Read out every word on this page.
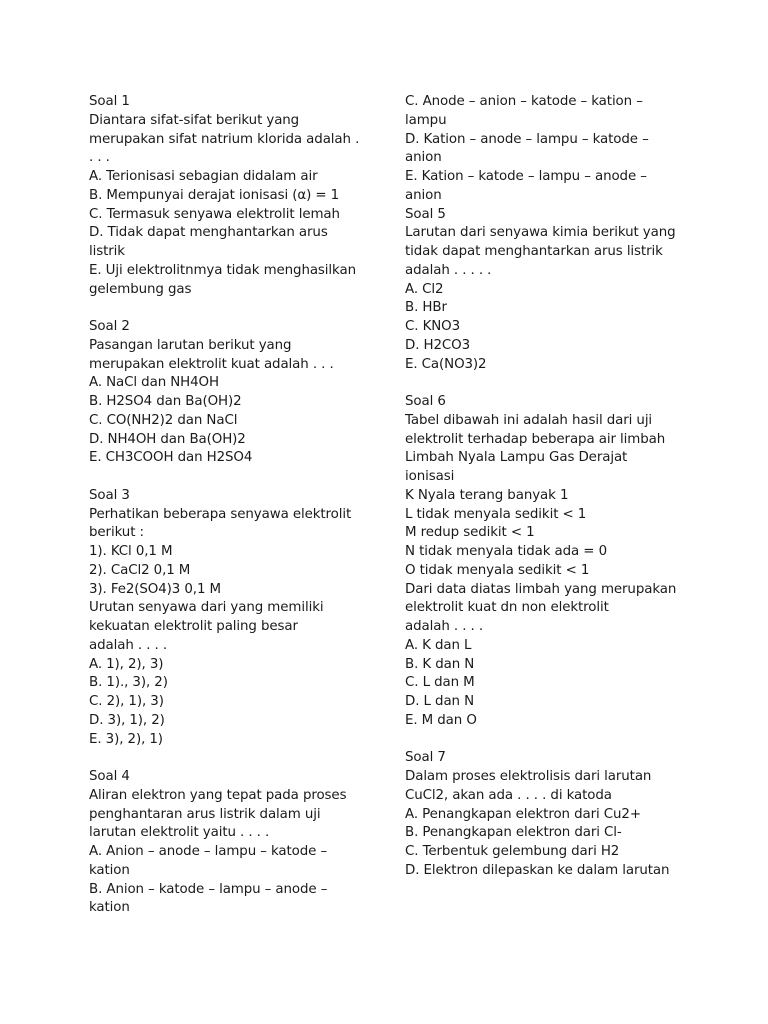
Soal 1
Diantara sifat-sifat berikut yang
merupakan sifat natrium klorida adalah .
. . .
A. Terionisasi sebagian didalam air
B. Mempunyai derajat ionisasi (α) = 1
C. Termasuk senyawa elektrolit lemah
D. Tidak dapat menghantarkan arus
listrik
E. Uji elektrolitnmya tidak menghasilkan
gelembung gas
Soal 2
Pasangan larutan berikut yang
merupakan elektrolit kuat adalah . . .
A. NaCl dan NH4OH
B. H2SO4 dan Ba(OH)2
C. CO(NH2)2 dan NaCl
D. NH4OH dan Ba(OH)2
E. CH3COOH dan H2SO4
Soal 3
Perhatikan beberapa senyawa elektrolit
berikut :
1). KCl 0,1 M
2). CaCl2 0,1 M
3). Fe2(SO4)3 0,1 M
Urutan senyawa dari yang memiliki
kekuatan elektrolit paling besar
adalah . . . .
A. 1), 2), 3)
B. 1)., 3), 2)
C. 2), 1), 3)
D. 3), 1), 2)
E. 3), 2), 1)
Soal 4
Aliran elektron yang tepat pada proses
penghantaran arus listrik dalam uji
larutan elektrolit yaitu . . . .
A. Anion – anode – lampu – katode –
kation
B. Anion – katode – lampu – anode –
kation
C. Anode – anion – katode – kation –
lampu
D. Kation – anode – lampu – katode –
anion
E. Kation – katode – lampu – anode –
anion
Soal 5
Larutan dari senyawa kimia berikut yang
tidak dapat menghantarkan arus listrik
adalah . . . . .
A. Cl2
B. HBr
C. KNO3
D. H2CO3
E. Ca(NO3)2
Soal 6
Tabel dibawah ini adalah hasil dari uji
elektrolit terhadap beberapa air limbah
Limbah Nyala Lampu Gas Derajat
ionisasi
K Nyala terang banyak 1
L tidak menyala sedikit < 1
M redup sedikit < 1
N tidak menyala tidak ada = 0
O tidak menyala sedikit < 1
Dari data diatas limbah yang merupakan
elektrolit kuat dn non elektrolit
adalah . . . .
A. K dan L
B. K dan N
C. L dan M
D. L dan N
E. M dan O
Soal 7
Dalam proses elektrolisis dari larutan
CuCl2, akan ada . . . . di katoda
A. Penangkapan elektron dari Cu2+
B. Penangkapan elektron dari Cl-
C. Terbentuk gelembung dari H2
D. Elektron dilepaskan ke dalam larutan
